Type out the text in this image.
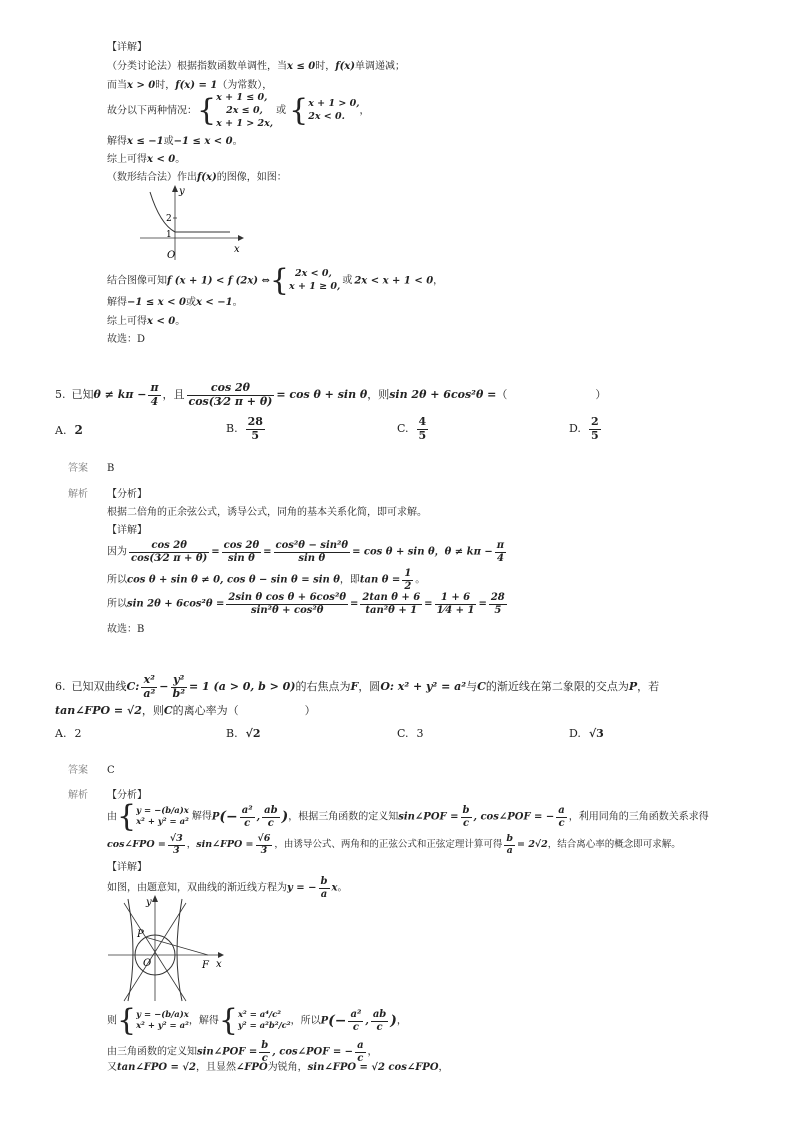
【详解】
（分类讨论法）根据指数函数单调性，当x ≤ 0时，f(x)单调递减；
而当x > 0时，f(x) = 1（为常数），
故分以下两种情况：{ x + 1 ≤ 0,
2x ≤ 0,
x + 1 > 2x,
或 { x + 1 > 0,
2x < 0.
，
解得x ≤ −1或−1 ≤ x < 0。
综上可得x < 0。
（数形结合法）作出f(x)的图像，如图：
2
1
O
y
x
结合图像可知f (x + 1) < f (2x) ⇔{ 2x < 0,
x + 1 ≥ 0,
或 2x < x + 1 < 0，
解得−1 ≤ x < 0或x < −1。
综上可得x < 0。
故选：D
5. 已知$\theta \ne k\pi - \frac{\pi}{4}$ ，且 $\frac{\cos 2\theta}{\cos(3⁄2 \pi + \theta)} = \cos \theta + \sin \theta$，则sin 2θ + 6cos²θ =（　　　　　　　　）
A. 2	B. $\frac{28}{5}$	C. $\frac{4}{5}$	D. $\frac{2}{5}$
答案 B
解析 【分析】
根据二倍角的正余弦公式，诱导公式，同角的基本关系化简，即可求解。
【详解】
因为 $\frac{\cos 2\theta}{\cos(3⁄2 \pi + \theta)} = \frac{\cos 2\theta}{\text{sin θ}} = \frac{\text{cos²θ − sin²θ}}{\text{sin θ}} = \cos \theta + \sin \theta$，$\theta \ne k\pi - \frac{\pi}{4}$
所以cos θ + sin θ ≠ 0, cos θ − sin θ = sin θ，即$\tan \theta = \frac{1}{2}$ 。
所以$\sin 2\theta + 6\cos^2\theta = \frac{\text{2sin θ cos θ + 6cos²θ}}{\text{sin²θ + cos²θ}} = \frac{\text{2tan θ + 6}}{\text{tan²θ + 1}} = \frac{1 + 6}{1⁄4 + 1} = \frac{28}{5}$
故选：B
6. 已知双曲线C: $\frac{\text{x²}}{\text{a²}} - \frac{\text{y²}}{\text{b²}} = 1$ (a > 0, b > 0)的右焦点为F，圆O: x² + y² = a²与C的渐近线在第二象限的交点为P，若
tan∠FPO = √2，则C的离心率为（　　　　　　）
A. 2	B. √2	C. 3	D. √3
答案 C
解析 【分析】
由{ y = −(b/a)x
x² + y² = a² 解得$P(- \frac{\text{a²}}{c}$ , $\frac{ab}{c}$ )，根据三角函数的定义知sin∠POF = $\frac{b}{c}$ , cos∠POF = − $\frac{a}{c}$ ，利用同角的三角函数关系求得
cos∠FPO = $\frac{√3}{3}$ ，sin∠FPO = $\frac{√6}{3}$ ，由诱导公式、两角和的正弦公式和正弦定理计算可得 $\frac{b}{a} = 2√2$，结合离心率的概念即可求解。
【详解】
如图，由题意知，双曲线的渐近线方程为y = − $\frac{b}{a}$ x。
P
O	F
y
x
则{ y = −(b/a)x
x² + y² = a² ，解得{ x² = a⁴/c²
y² = a²b²/c² ，所以$P(- \frac{\text{a²}}{c}$ , $\frac{ab}{c}$ )，
由三角函数的定义知sin∠POF = $\frac{b}{c}$ , cos∠POF = − $\frac{a}{c}$ ，
又tan∠FPO = √2，且显然∠FPO为锐角，sin∠FPO = √2 cos∠FPO，
